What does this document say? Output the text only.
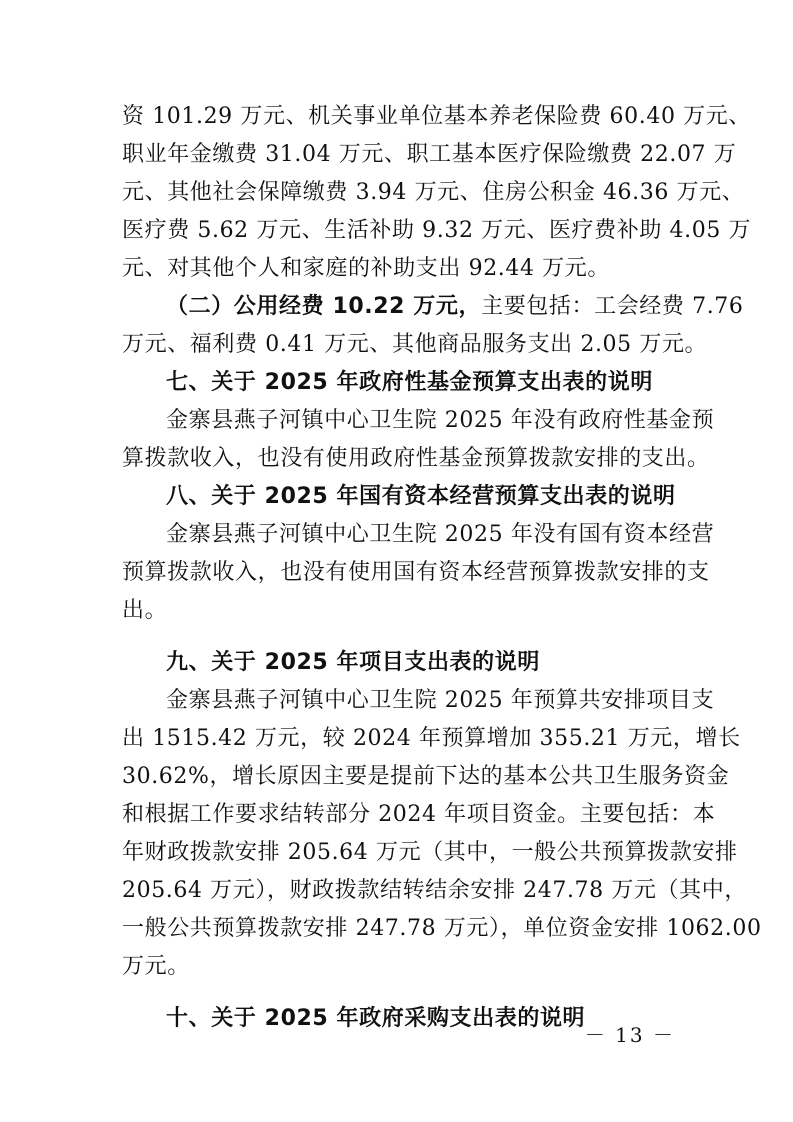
资 101.29 万元、机关事业单位基本养老保险费 60.40 万元、
职业年金缴费 31.04 万元、职工基本医疗保险缴费 22.07 万
元、其他社会保障缴费 3.94 万元、住房公积金 46.36 万元、
医疗费 5.62 万元、生活补助 9.32 万元、医疗费补助 4.05 万
元、对其他个人和家庭的补助支出 92.44 万元。
（二）公用经费 10.22 万元，主要包括：工会经费 7.76
万元、福利费 0.41 万元、其他商品服务支出 2.05 万元。
七、关于 2025 年政府性基金预算支出表的说明
金寨县燕子河镇中心卫生院 2025 年没有政府性基金预
算拨款收入，也没有使用政府性基金预算拨款安排的支出。
八、关于 2025 年国有资本经营预算支出表的说明
金寨县燕子河镇中心卫生院 2025 年没有国有资本经营
预算拨款收入，也没有使用国有资本经营预算拨款安排的支
出。
九、关于 2025 年项目支出表的说明
金寨县燕子河镇中心卫生院 2025 年预算共安排项目支
出 1515.42 万元，较 2024 年预算增加 355.21 万元，增长
30.62%，增长原因主要是提前下达的基本公共卫生服务资金
和根据工作要求结转部分 2024 年项目资金。主要包括：本
年财政拨款安排 205.64 万元（其中，一般公共预算拨款安排
205.64 万元），财政拨款结转结余安排 247.78 万元（其中，
一般公共预算拨款安排 247.78 万元），单位资金安排 1062.00
万元。
十、关于 2025 年政府采购支出表的说明
－ 13 －
